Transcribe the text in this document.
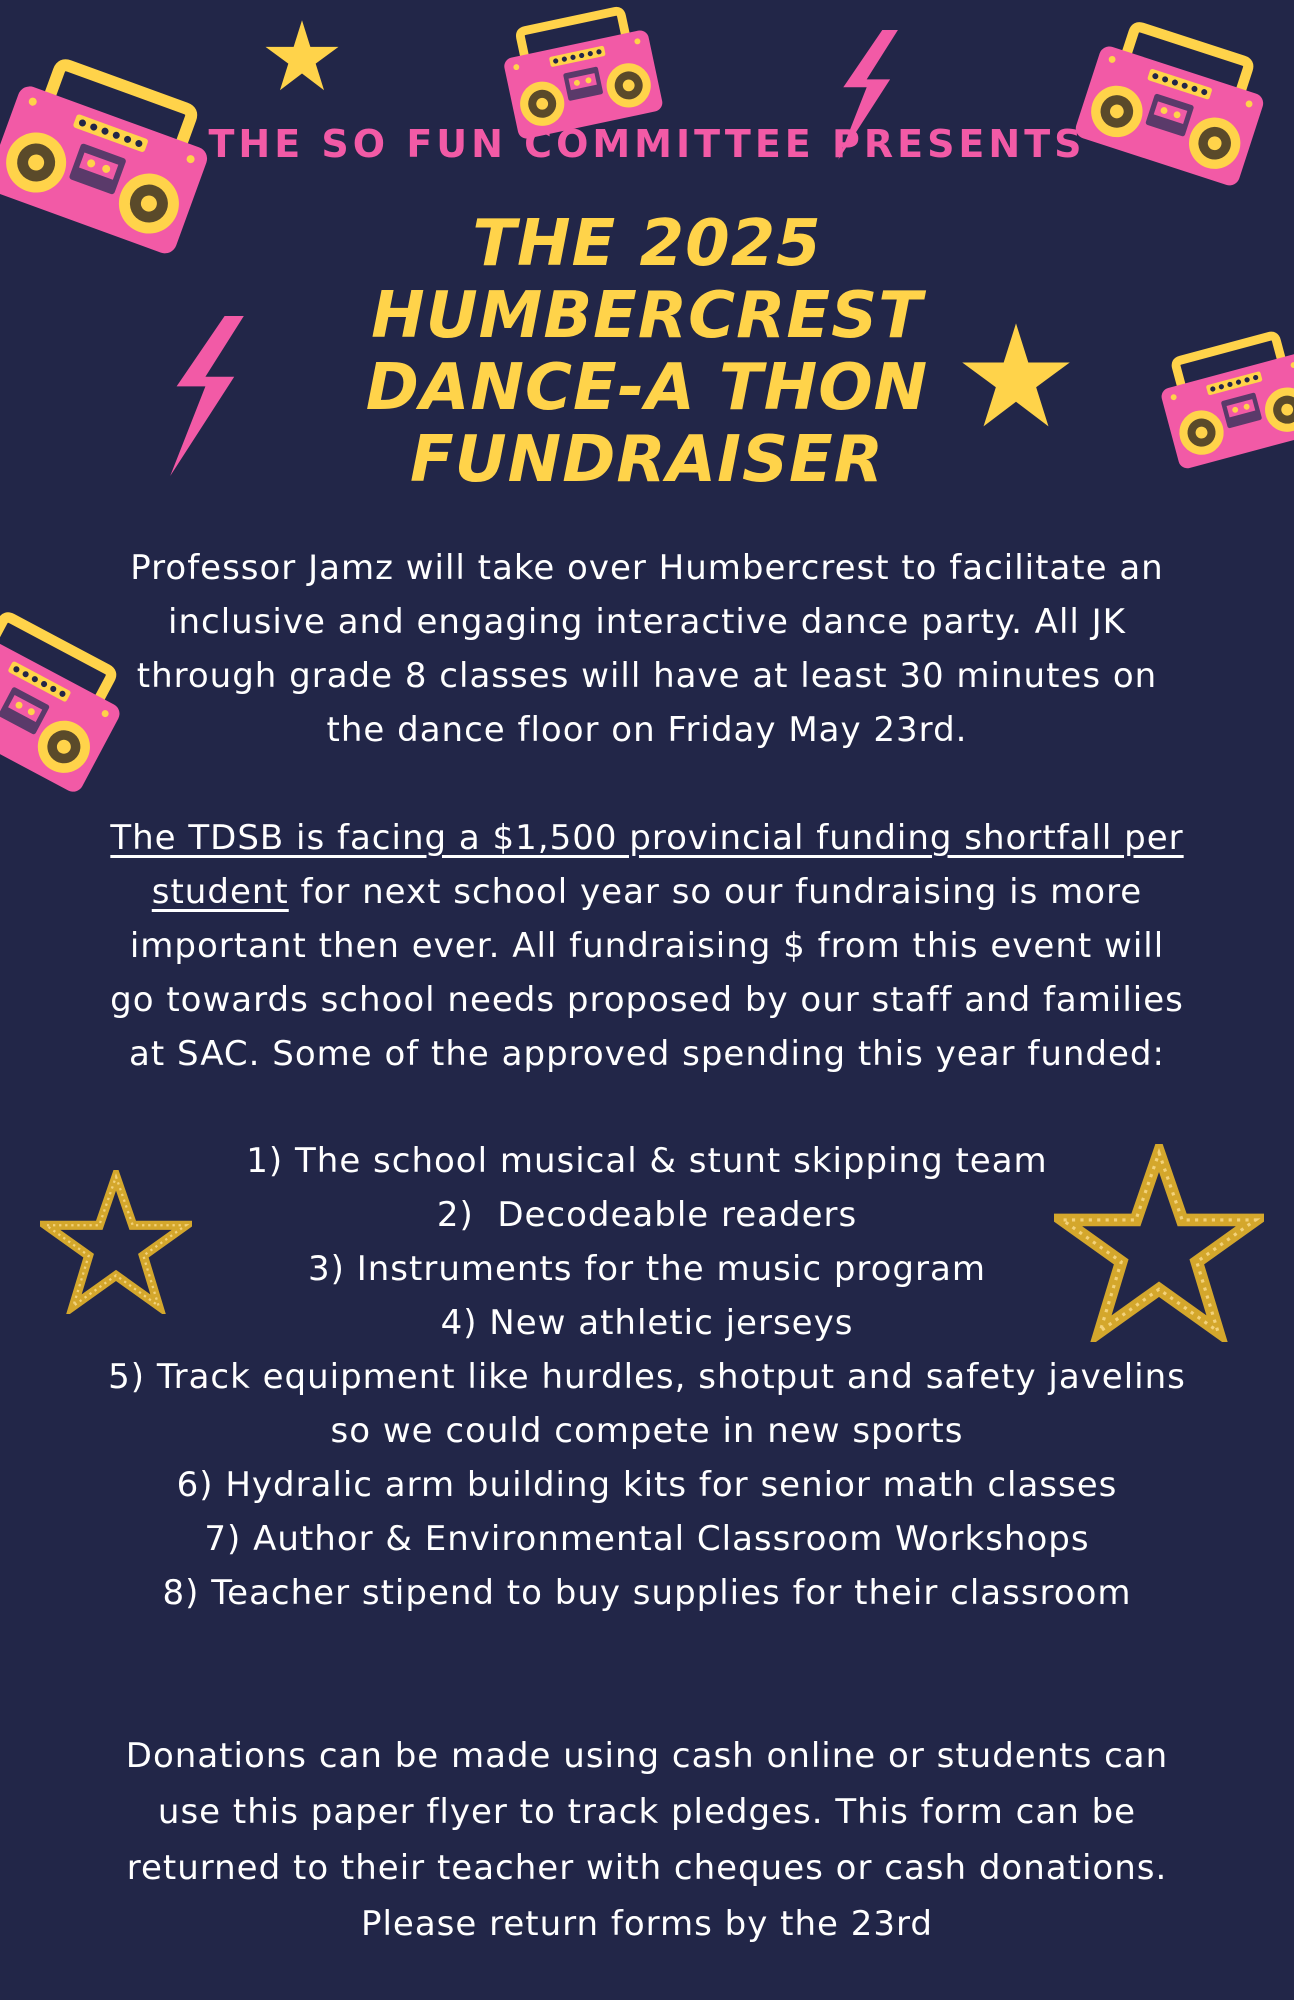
THE SO FUN COMMITTEE PRESENTS
THE 2025
HUMBERCREST
DANCE-A THON
FUNDRAISER

Professor Jamz will take over Humbercrest to facilitate an
inclusive and engaging interactive dance party. All JK
through grade 8 classes will have at least 30 minutes on
the dance floor on Friday May 23rd.

The TDSB is facing a $1,500 provincial funding shortfall per
student for next school year so our fundraising is more
important then ever. All fundraising $ from this event will
go towards school needs proposed by our staff and families
at SAC. Some of the approved spending this year funded:

1) The school musical & stunt skipping team
2)  Decodeable readers
3) Instruments for the music program
4) New athletic jerseys
5) Track equipment like hurdles, shotput and safety javelins
so we could compete in new sports
6) Hydralic arm building kits for senior math classes
7) Author & Environmental Classroom Workshops
8) Teacher stipend to buy supplies for their classroom

Donations can be made using cash online or students can
use this paper flyer to track pledges. This form can be
returned to their teacher with cheques or cash donations.
Please return forms by the 23rd
